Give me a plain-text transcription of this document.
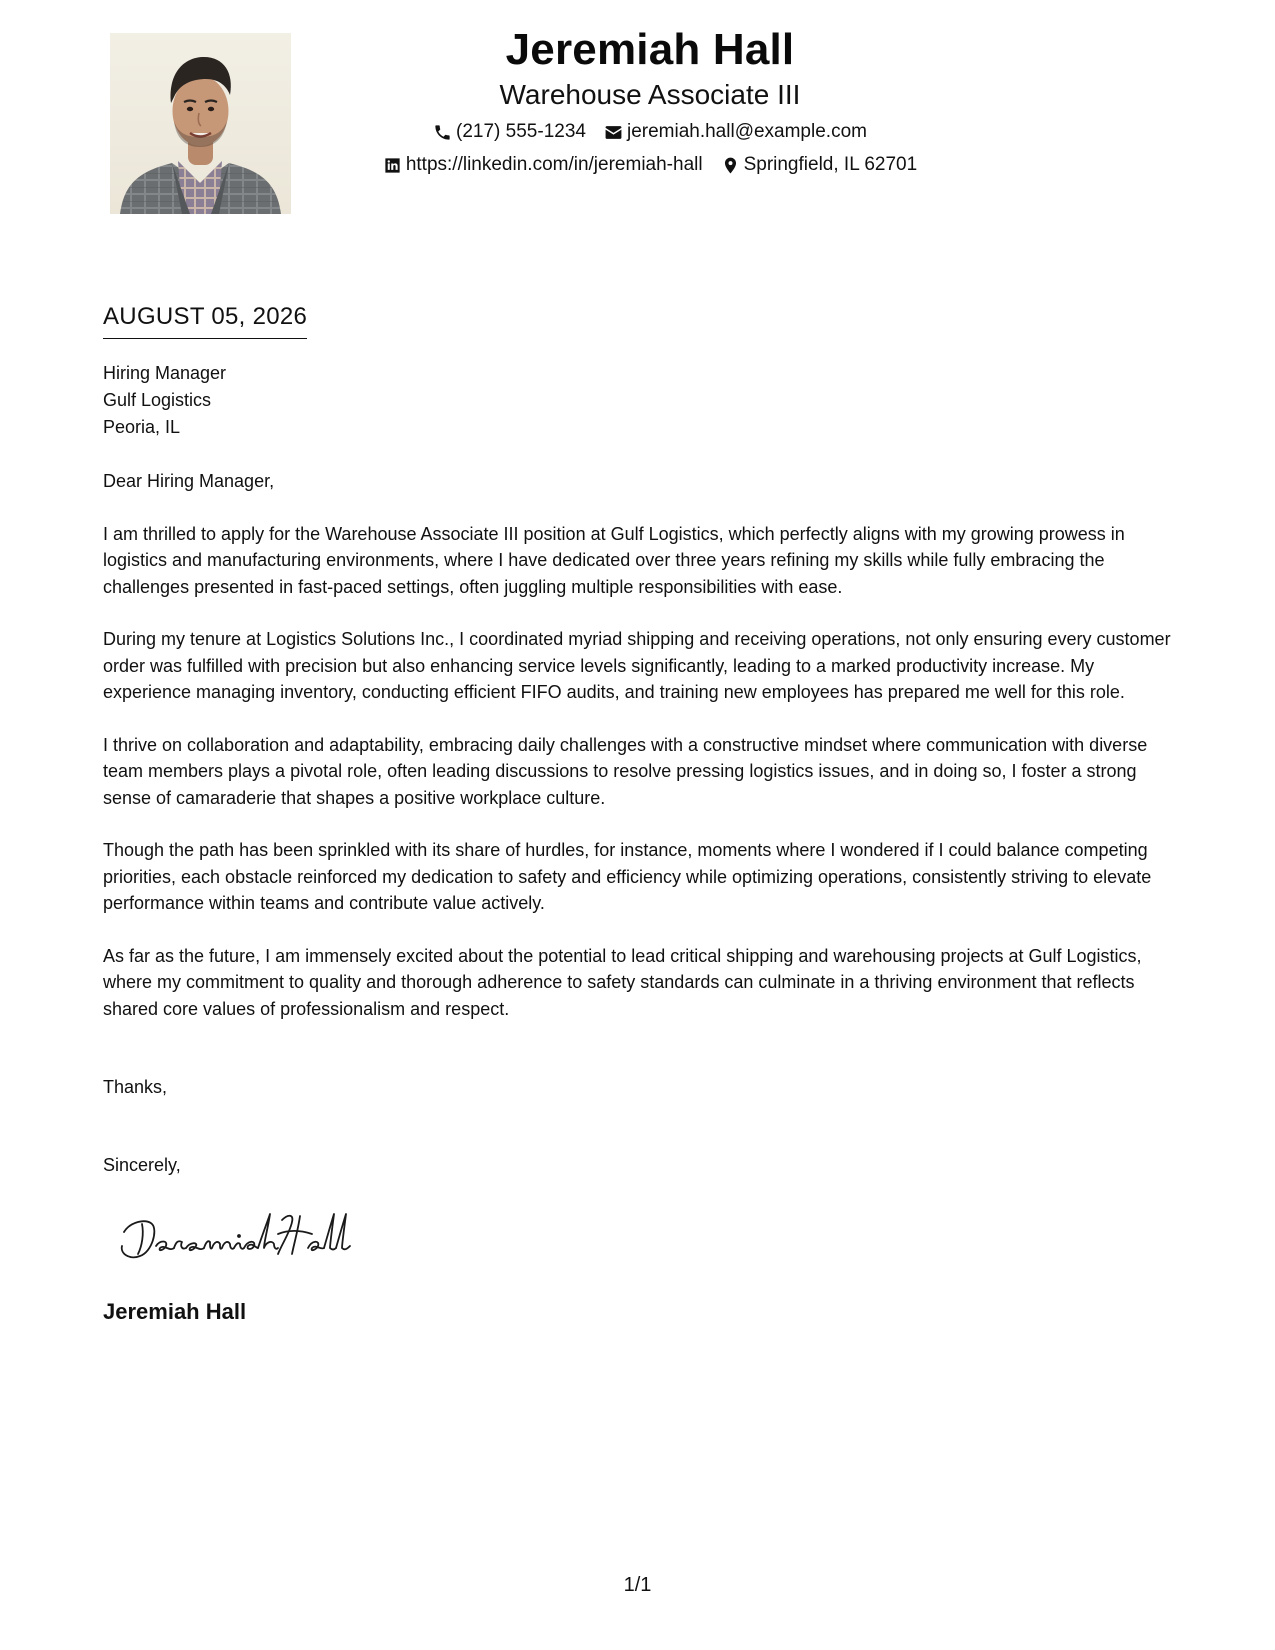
Jeremiah Hall
Warehouse Associate III
(217) 555-1234 jeremiah.hall@example.com
https://linkedin.com/in/jeremiah-hall Springfield, IL 62701
AUGUST 05, 2026
Hiring Manager
Gulf Logistics
Peoria, IL

Dear Hiring Manager,

I am thrilled to apply for the Warehouse Associate III position at Gulf Logistics, which perfectly aligns with my growing prowess in logistics and manufacturing environments, where I have dedicated over three years refining my skills while fully embracing the challenges presented in fast-paced settings, often juggling multiple responsibilities with ease.

During my tenure at Logistics Solutions Inc., I coordinated myriad shipping and receiving operations, not only ensuring every customer order was fulfilled with precision but also enhancing service levels significantly, leading to a marked productivity increase. My experience managing inventory, conducting efficient FIFO audits, and training new employees has prepared me well for this role.

I thrive on collaboration and adaptability, embracing daily challenges with a constructive mindset where communication with diverse team members plays a pivotal role, often leading discussions to resolve pressing logistics issues, and in doing so, I foster a strong sense of camaraderie that shapes a positive workplace culture.

Though the path has been sprinkled with its share of hurdles, for instance, moments where I wondered if I could balance competing priorities, each obstacle reinforced my dedication to safety and efficiency while optimizing operations, consistently striving to elevate performance within teams and contribute value actively.

As far as the future, I am immensely excited about the potential to lead critical shipping and warehousing projects at Gulf Logistics, where my commitment to quality and thorough adherence to safety standards can culminate in a thriving environment that reflects shared core values of professionalism and respect.

Thanks,
Sincerely,
Jeremiah Hall
1/1
